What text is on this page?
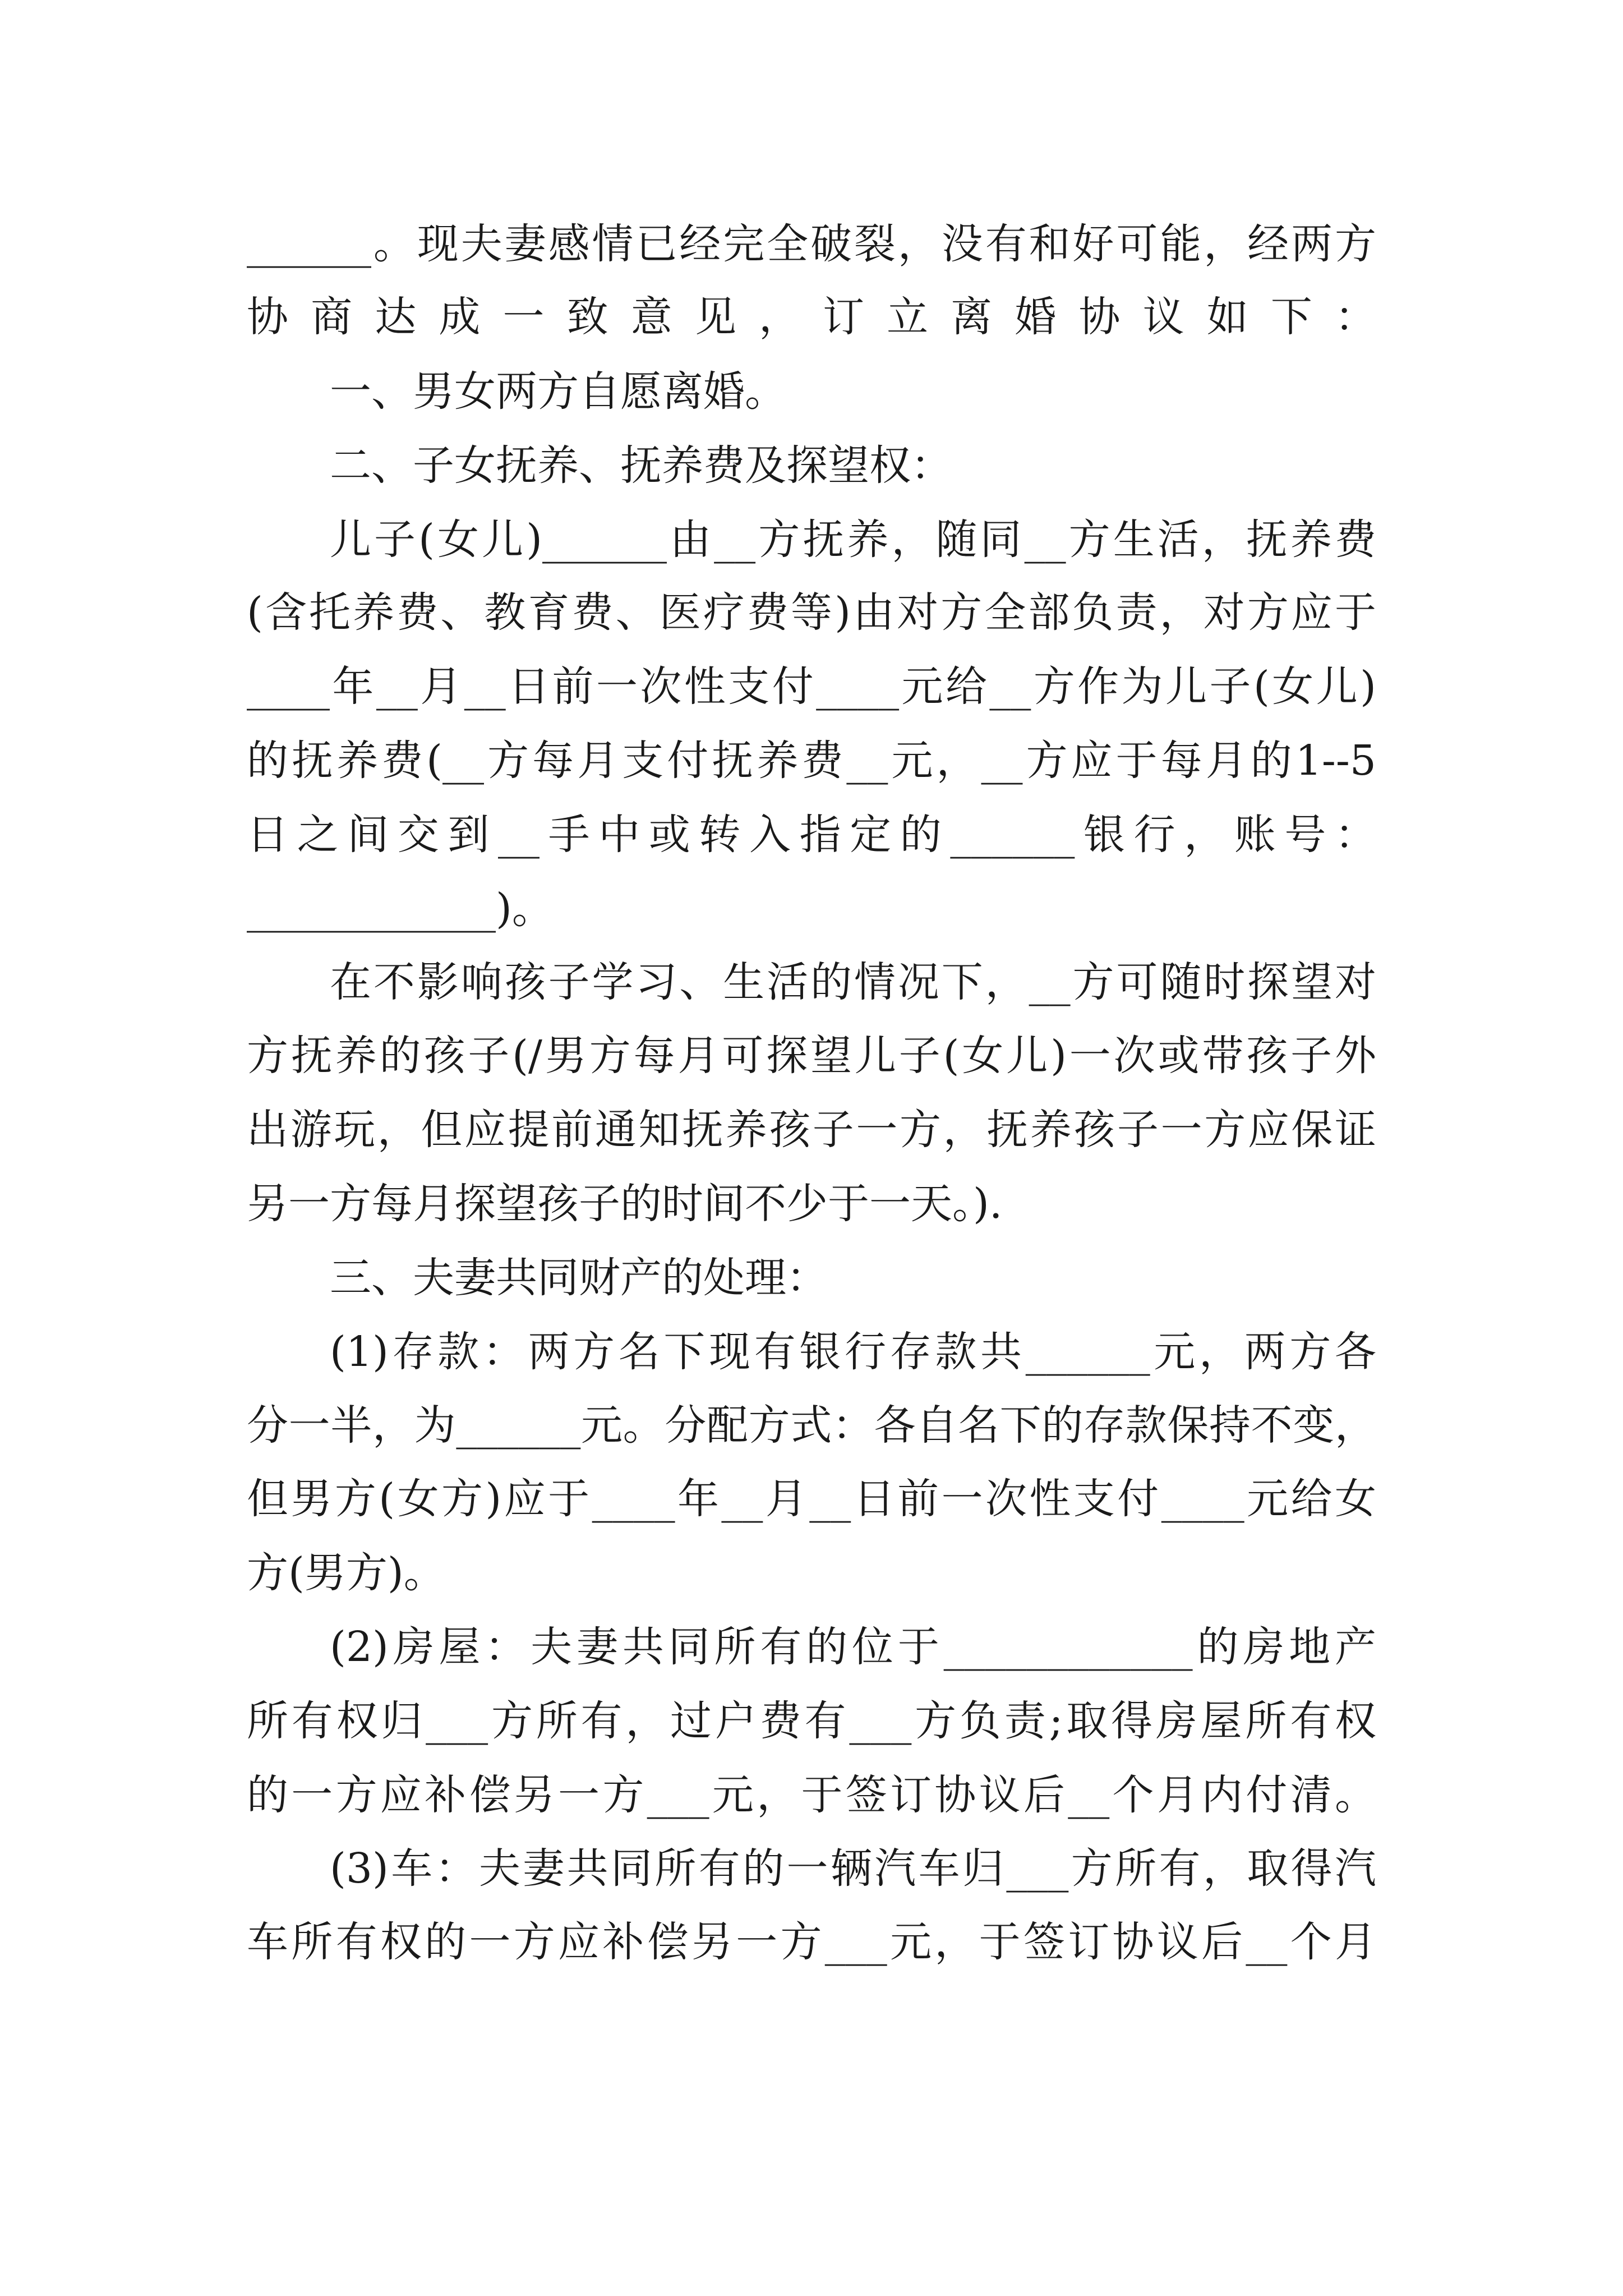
______。现夫妻感情已经完全破裂，没有和好可能，经两方

协商达成一致意见，订立离婚协议如下：

一、男女两方自愿离婚。

二、子女抚养、抚养费及探望权：

儿子(女儿)______由__方抚养，随同__方生活，抚养费

(含托养费、教育费、医疗费等)由对方全部负责，对方应于

____年__月__日前一次性支付____元给__方作为儿子(女儿)

的抚养费(__方每月支付抚养费__元，__方应于每月的1--5

日之间交到__手中或转入指定的______银行，账号：

____________)。

在不影响孩子学习、生活的情况下，__方可随时探望对

方抚养的孩子(/男方每月可探望儿子(女儿)一次或带孩子外

出游玩，但应提前通知抚养孩子一方，抚养孩子一方应保证

另一方每月探望孩子的时间不少于一天。).

三、夫妻共同财产的处理：

(1)存款：两方名下现有银行存款共______元，两方各

分一半，为______元。分配方式：各自名下的存款保持不变，

但男方(女方)应于____年__月__日前一次性支付____元给女

方(男方)。

(2)房屋：夫妻共同所有的位于____________的房地产

所有权归___方所有，过户费有___方负责;取得房屋所有权

的一方应补偿另一方___元，于签订协议后__个月内付清。

(3)车：夫妻共同所有的一辆汽车归___方所有，取得汽

车所有权的一方应补偿另一方___元，于签订协议后__个月
